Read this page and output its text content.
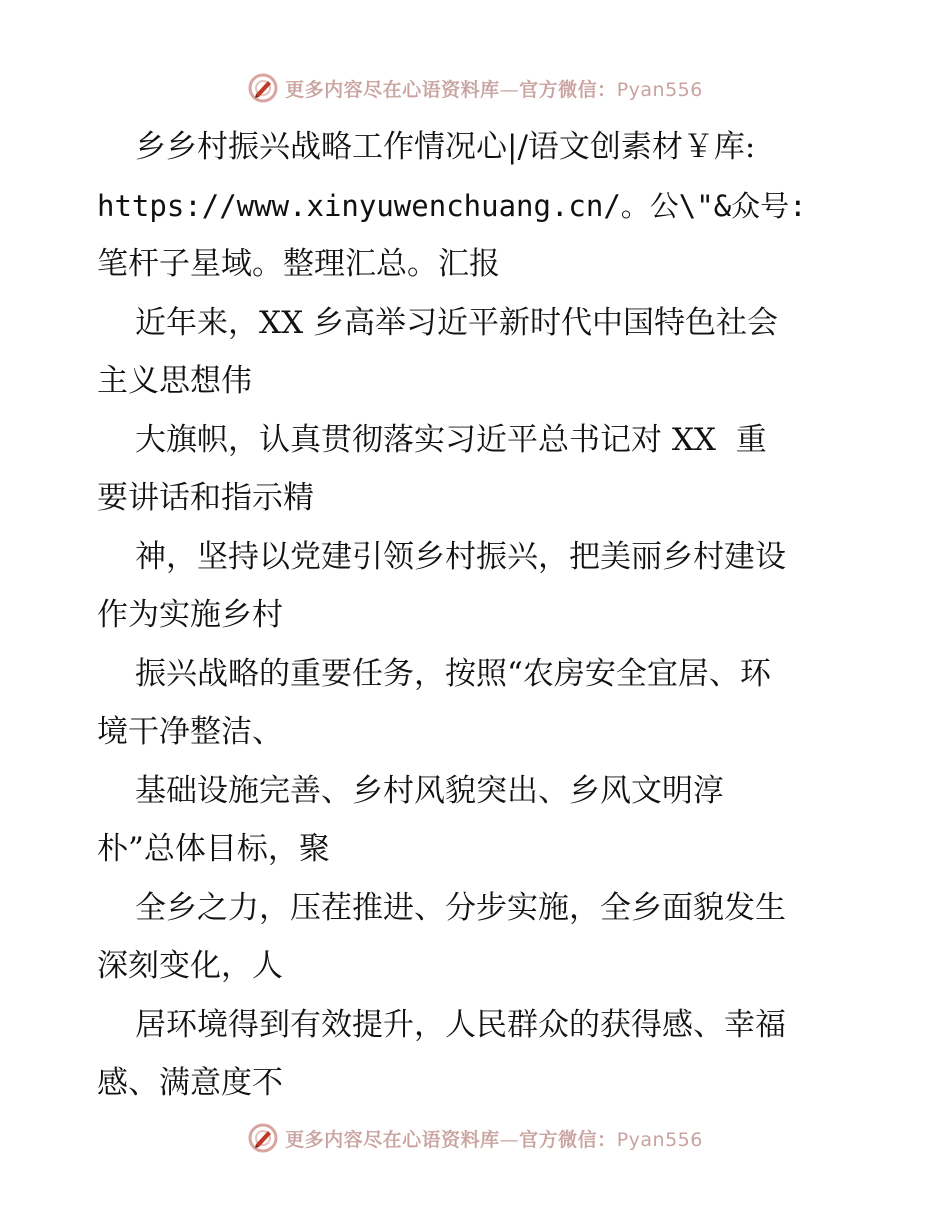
更多内容尽在心语资料库—官方微信：Pyan556
乡乡村振兴战略工作情况心|/语文创素材￥库:
https://www.xinyuwenchuang.cn/。公\"&众号:
笔杆子星域。整理汇总。汇报
近年来，XX 乡高举习近平新时代中国特色社会
主义思想伟
大旗帜，认真贯彻落实习近平总书记对 XX  重
要讲话和指示精
神，坚持以党建引领乡村振兴，把美丽乡村建设
作为实施乡村
振兴战略的重要任务，按照“农房安全宜居、环
境干净整洁、
基础设施完善、乡村风貌突出、乡风文明淳
朴”总体目标，聚
全乡之力，压茬推进、分步实施，全乡面貌发生
深刻变化，人
居环境得到有效提升，人民群众的获得感、幸福
感、满意度不
更多内容尽在心语资料库—官方微信：Pyan556
